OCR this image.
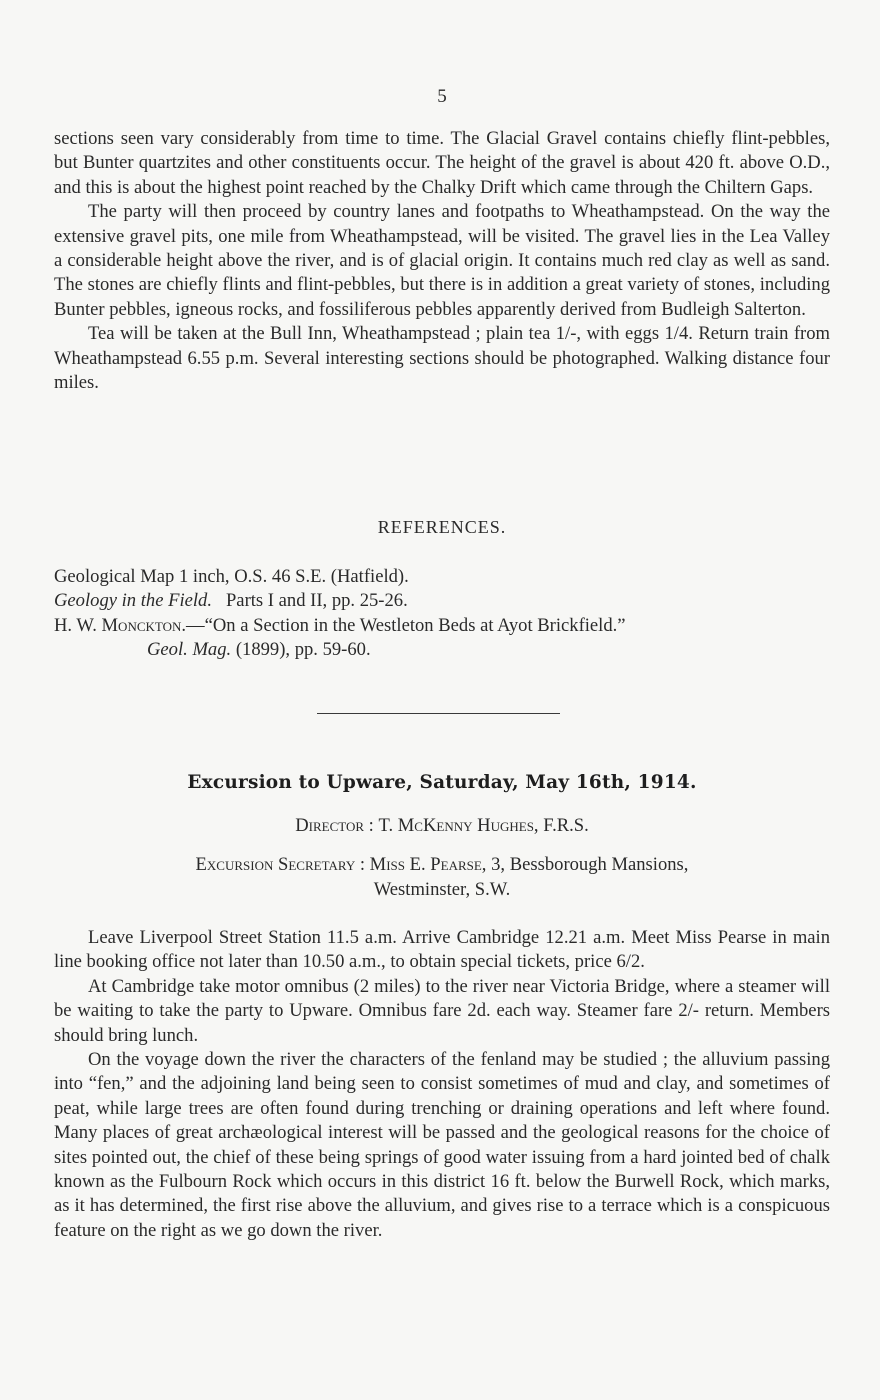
5

sections seen vary considerably from time to time. The Glacial Gravel contains chiefly flint-pebbles, but Bunter quartzites and other constituents occur. The height of the gravel is about 420 ft. above O.D., and this is about the highest point reached by the Chalky Drift which came through the Chiltern Gaps.

The party will then proceed by country lanes and footpaths to Wheathampstead. On the way the extensive gravel pits, one mile from Wheathampstead, will be visited. The gravel lies in the Lea Valley a considerable height above the river, and is of glacial origin. It contains much red clay as well as sand. The stones are chiefly flints and flint-pebbles, but there is in addition a great variety of stones, including Bunter pebbles, igneous rocks, and fossiliferous pebbles apparently derived from Budleigh Salterton.

Tea will be taken at the Bull Inn, Wheathampstead ; plain tea 1/-, with eggs 1/4. Return train from Wheathampstead 6.55 p.m. Several interesting sections should be photographed. Walking distance four miles.

REFERENCES.

Geological Map 1 inch, O.S. 46 S.E. (Hatfield).

Geology in the Field. Parts I and II, pp. 25-26.

H. W. Monckton.—“On a Section in the Westleton Beds at Ayot Brickfield.”

Geol. Mag. (1899), pp. 59-60.

Excursion to Upware, Saturday, May 16th, 1914.
Director : T. McKenny Hughes, F.R.S.
Excursion Secretary : Miss E. Pearse, 3, Bessborough Mansions,
Westminster, S.W.

Leave Liverpool Street Station 11.5 a.m. Arrive Cambridge 12.21 a.m. Meet Miss Pearse in main line booking office not later than 10.50 a.m., to obtain special tickets, price 6/2.

At Cambridge take motor omnibus (2 miles) to the river near Victoria Bridge, where a steamer will be waiting to take the party to Upware. Omnibus fare 2d. each way. Steamer fare 2/- return. Members should bring lunch.

On the voyage down the river the characters of the fenland may be studied ; the alluvium passing into “fen,” and the adjoining land being seen to consist sometimes of mud and clay, and sometimes of peat, while large trees are often found during trenching or draining operations and left where found. Many places of great archæological interest will be passed and the geological reasons for the choice of sites pointed out, the chief of these being springs of good water issuing from a hard jointed bed of chalk known as the Fulbourn Rock which occurs in this district 16 ft. below the Burwell Rock, which marks, as it has determined, the first rise above the alluvium, and gives rise to a terrace which is a conspicuous feature on the right as we go down the river.
